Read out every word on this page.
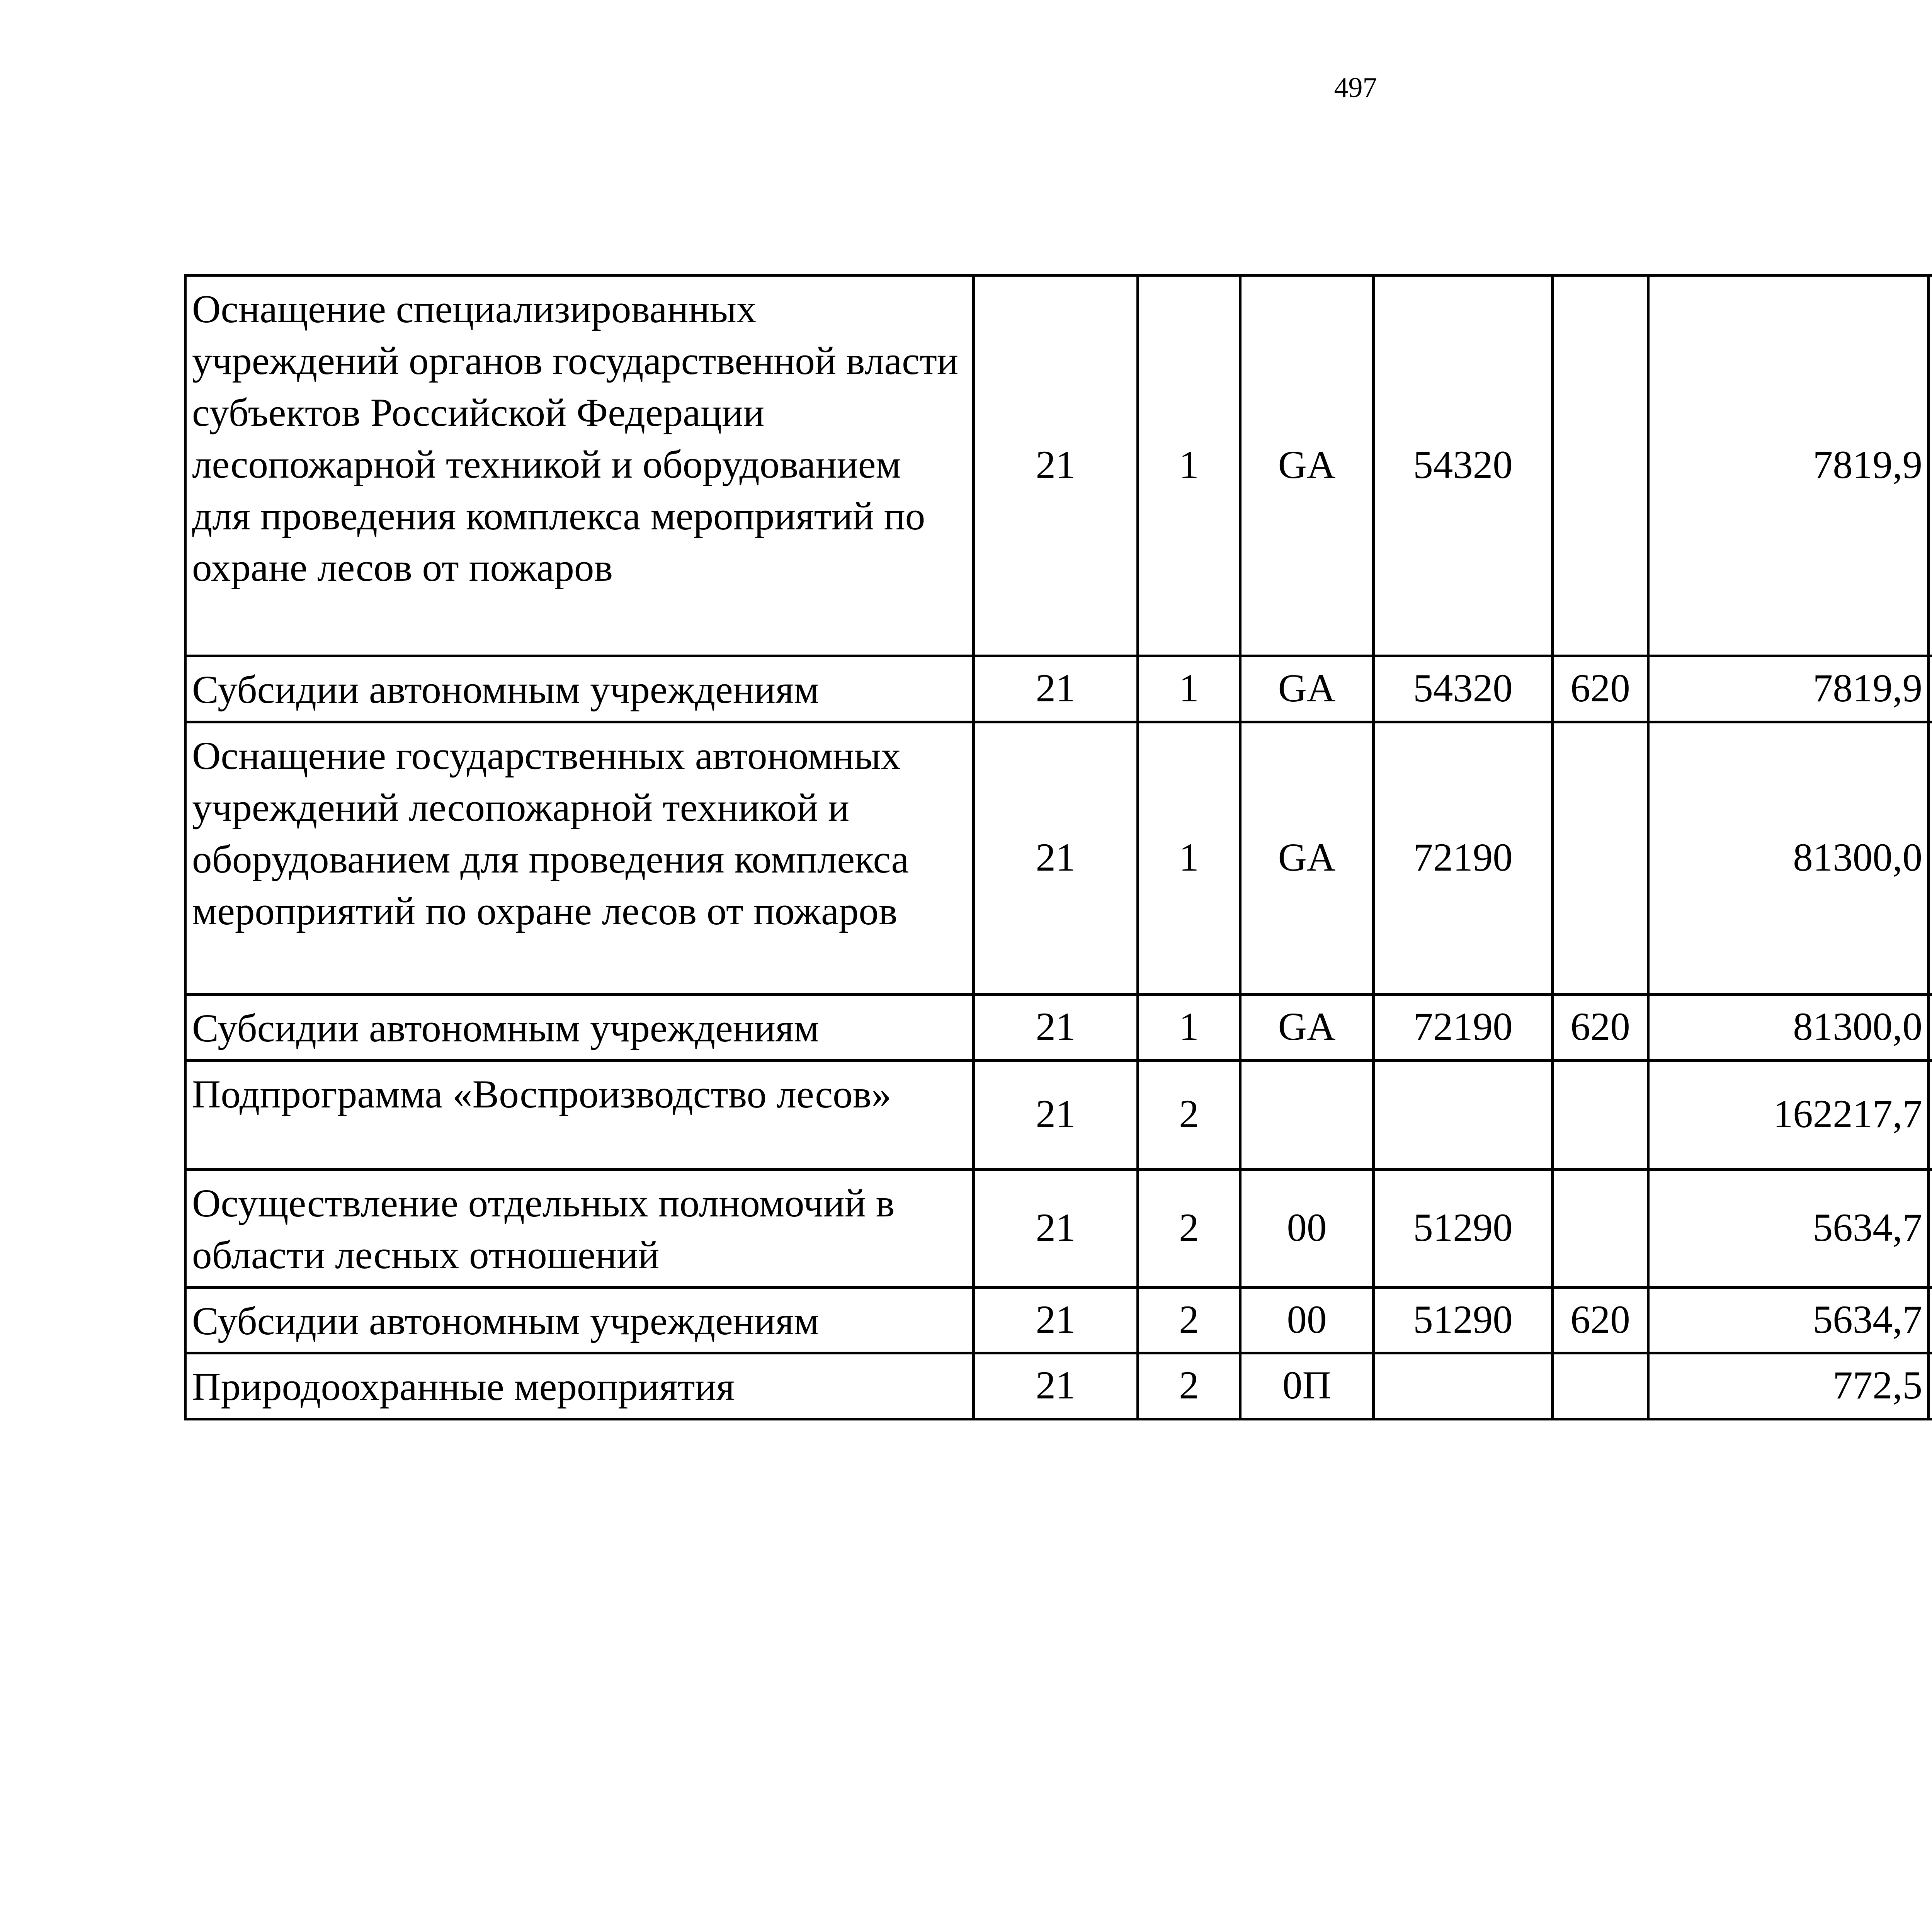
497
Оснащение специализированных учреждений органов государственной власти субъектов Российской Федерации лесопожарной техникой и оборудованием для проведения комплекса мероприятий по охране лесов от пожаров	21	1	GA	54320		7819,9		
Субсидии автономным учреждениям	21	1	GA	54320	620	7819,9		
Оснащение государственных автономных учреждений лесопожарной техникой и оборудованием для проведения комплекса мероприятий по охране лесов от пожаров	21	1	GA	72190		81300,0		
Субсидии автономным учреждениям	21	1	GA	72190	620	81300,0		
Подпрограмма «Воспроизводство лесов»	21	2				162217,7		
Осуществление отдельных полномочий в области лесных отношений	21	2	00	51290		5634,7		
Субсидии автономным учреждениям	21	2	00	51290	620	5634,7		
Природоохранные мероприятия	21	2	0П			772,5		
